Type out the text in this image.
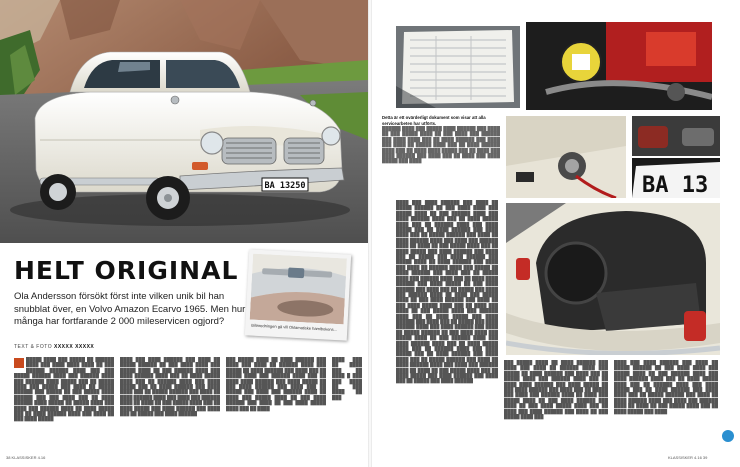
BA 13250
HELT ORIGINAL

Ola Andersson försökt först inte vilken unik bil han snubblat över, en Volvo Amazon Ecarvo 1965. Men hur många har fortfarande 2 000 mileservicen ogjord?

TEXT & FOTO XXXXX XXXXX
Bilinredningen gå vill Oklamatiske hamlbokens...

█████ ████ ███ █████ ██ ██████ ████ ███ ████ ████ ████ ██ ███ ██████ ██████ ████ ███ ███ █████ ██████ ████ ███ ██████ ████ ███ ██████ ████ █████ ███ ██ █████ ████ ███ █████ ███ ████ ██ █████ ██████ ███ █████ ██ ███ █████ ████ ██████ ███ ███ ████ ███ ██ ████ ██████ ████ █████ ██ █████ ████ ███ ████ ███ ██████ ████ ██ ████ █████ ███ ██ ████ ██████ ████ ███ ████ ██ ███ ████ █████

████ ███ ████ ██████ ███ ████ ██ █████ ██████ ██ ███ ████ ████ ███ █████ ████ ██ ███ ██████ ████ ███ ████ ██████ ████ ███ ██ ████ █████ ████ ███ ██ ██████ ████ ███ ████ █████ ███ ██ ████ ██████ ███ ████ ████ ███ ██ █████ ██████ ███ ████ ██ ████ ██████ ████ ███ ████ ███ ██████ ████ ██ ████ ██ ███ █████ ████ ███ ██ ████ █████ ███ ████ ██████ ███ ████ ███ ██ █████ ███ ████ ██████

███ █████ ████ ██ ████ ██████ ███ ████ ███ ████ ██ ██████ ████ ███ █████ ██ ████ ██████ ███ ████ ███ ██ █████ ████ ███ ██████ ████ ███ ██ ████ ████ ██████ ███ ████ █████ ██ ███ ████ ██████ ███ ████ ███ ██ █████ ███ ████ ███ ██████ ████ ██ ████ ███ █████ ████ ██ ███ ████ ██████ ███ ████ ██ ███ ████ █████ ████ ███ ██ ████

████ ███ ██ ████ ███ ██ ████ █ ███ ███ ████ ██ ███ ████ ██ ███

38 KLASSISKER 4.16
Detta är ett ovärderligt dokument som visar att alla servicearbeten har utförts.

██████ ████ ███ █████ ████ ██████ ███ ████ ██ ███ █████ ████ ██ ███ ████ ███ ██████ ███ ████ ████ ███ ██ ████ ██████ ███ ████ ███ ████ ██ █████ ████ ███ ██ ████ ██████ ████ ███ ██ ████ ████ █████ ███ ██ ████ ███ ████ ██████ ███ ████ ███ ██ ████ ███ ████ █████ ███ ████

BA 13

████ ███ ████ ██████ ███ ████ ██ █████ ██████ ██ ███ ████ ████ ███ █████ ████ ██ ███ ██████ ████ ███ ████ ██████ ████ ███ ██ ████ █████ ████ ███ ██ ██████ ████ ███ ████ █████ ███ ██ ████ ██████ ███ ████ ████ ███ ██ █████ ██████ ███ ████ ██ ████ ██████ ████ ███ ████ ███ ██████ ████ ██ ████ ██ ███ █████ ████ ███ ██ ████ █████ ███ ████ ██████ ███ ████ ███ ██ █████ ███ ████ ██████ ███ █████ ████ ██ ████ ██████ ███ ████ ███ ████ ██ ██████ ████ ███ █████ ██ ████ ██████ ███ ████ ███ ██ █████ ████ ███ ██████ ████ ███ ██ ████ ████ ██████ ███ ████ █████ ██ ███ ████ ██████ ███ ████ ███ ██ █████ ███ ████ ███ ██████ ████ ██ ████ ███ █████ ████ ██ ███ ████ ██████ ███ ████ ██ ███ ████ █████ ████ ███ ██ ████ ███ ████ ██ ███ █████ ████ ███ ██████ ████ ███ ██ ████ █████ ███ ████ ██████ ███ ████ ███ ██ █████ ███ ████ ██████ ████ ███ ████ ██████ ███ ████ ██ █████ ██████ ██ ███ ████ ████ ███ █████ ████ ██ ███ ██████ ████ ███ ████ ██████ ████ ███ ██ ████ █████ ████ ███ ██ ██████ ████ ███ ████ █████ ███ ██ ████ ██████ ███ ████ ████ ███ ██ █████ ██████ ███ ████ ██ ████ ██████ ████ ███ ████ ███ ██████ ████ ██ ████ ██ ███ █████ ████ ███ ██ ████ █████ ███ ████ ██████ ███ ████ ███ ██ █████ ███ ████ ██████

███ █████ ████ ██ ████ ██████ ███ ████ ███ ████ ██ ██████ ████ ███ █████ ██ ████ ██████ ███ ████ ███ ██ █████ ████ ███ ██████ ████ ███ ██ ████ ████ ██████ ███ ████ █████ ██ ███ ████ ██████ ███ ████ ███ ██ █████ ███ ████ ███ ██████ ████ ██ ████ ███ █████ ████ ██ ███ ████ ██████ ███ ████ ██ ███ ████ █████ ████ ███ ██ ████ ███ ████ ██████ ███ ████ ██ ███ █████ ████ ███

████ ███ ████ ██████ ███ ████ ██ █████ ██████ ██ ███ ████ ████ ███ █████ ████ ██ ███ ██████ ████ ███ ████ ██████ ████ ███ ██ ████ █████ ████ ███ ██ ██████ ████ ███ ████ █████ ███ ██ ████ ██████ ███ ████ ████ ███ ██ █████ ██████ ███ ████ ██ ████ ██████ ████ ███ ████ ███ ██████ ████ ██ ████ ██ ███ █████ ████ ███ ██ ████ █████ ███ ████

KLASSISKER 4.16 39
